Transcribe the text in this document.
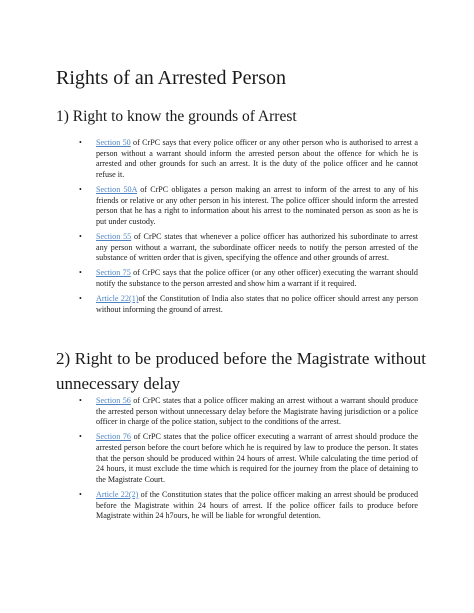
Rights of an Arrested Person
1) Right to know the grounds of Arrest
• Section 50 of CrPC says that every police officer or any other person who is authorised to arrest a person without a warrant should inform the arrested person about the offence for which he is arrested and other grounds for such an arrest. It is the duty of the police officer and he cannot refuse it.
• Section 50A of CrPC obligates a person making an arrest to inform of the arrest to any of his friends or relative or any other person in his interest. The police officer should inform the arrested person that he has a right to information about his arrest to the nominated person as soon as he is put under custody.
• Section 55 of CrPC states that whenever a police officer has authorized his subordinate to arrest any person without a warrant, the subordinate officer needs to notify the person arrested of the substance of written order that is given, specifying the offence and other grounds of arrest.
• Section 75 of CrPC says that the police officer (or any other officer) executing the warrant should notify the substance to the person arrested and show him a warrant if it required.
• Article 22(1)of the Constitution of India also states that no police officer should arrest any person without informing the ground of arrest.
2) Right to be produced before the Magistrate without unnecessary delay
• Section 56 of CrPC states that a police officer making an arrest without a warrant should produce the arrested person without unnecessary delay before the Magistrate having jurisdiction or a police officer in charge of the police station, subject to the conditions of the arrest.
• Section 76 of CrPC states that the police officer executing a warrant of arrest should produce the arrested person before the court before which he is required by law to produce the person. It states that the person should be produced within 24 hours of arrest. While calculating the time period of 24 hours, it must exclude the time which is required for the journey from the place of detaining to the Magistrate Court.
• Article 22(2) of the Constitution states that the police officer making an arrest should be produced before the Magistrate within 24 hours of arrest. If the police officer fails to produce before Magistrate within 24 h7ours, he will be liable for wrongful detention.
